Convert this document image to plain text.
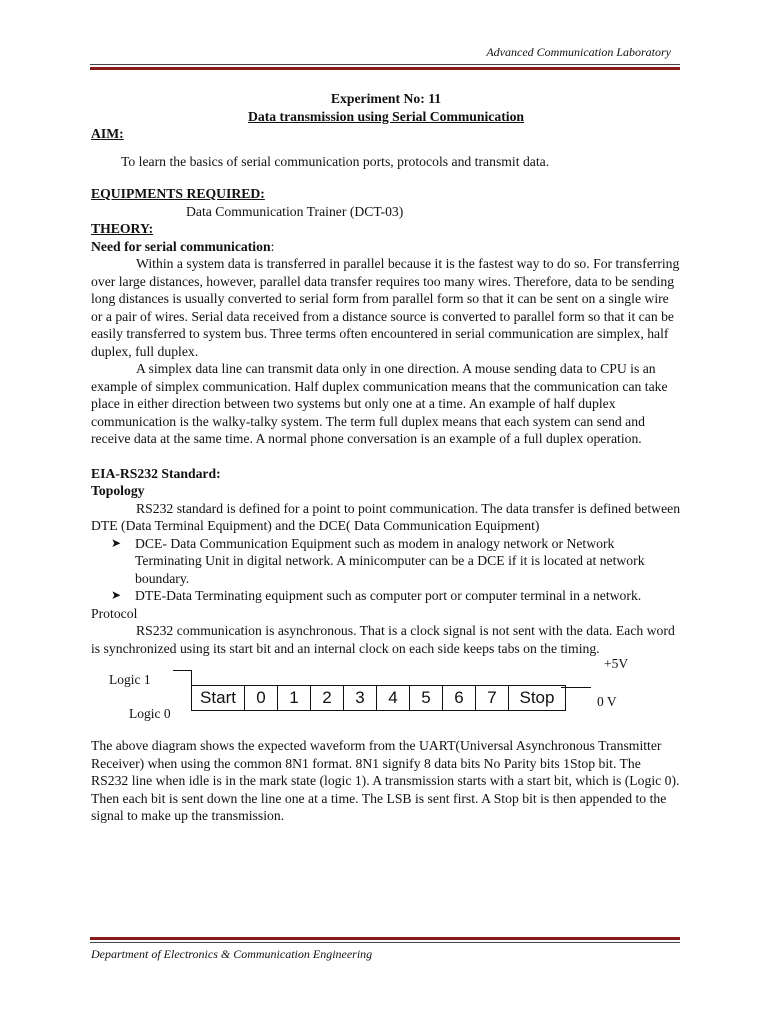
Advanced Communication Laboratory
Experiment No: 11
Data transmission using Serial Communication
AIM:
To learn the basics of serial communication ports, protocols and transmit data.
EQUIPMENTS REQUIRED:
Data Communication Trainer (DCT-03)
THEORY:
Need for serial communication:
Within a system data is transferred in parallel because it is the fastest way to do so. For transferring over large distances, however, parallel data transfer requires too many wires. Therefore, data to be sending long distances is usually converted to serial form from parallel form so that it can be sent on a single wire or a pair of wires. Serial data received from a distance source is converted to parallel form so that it can be easily transferred to system bus. Three terms often encountered in serial communication are simplex, half duplex, full duplex.
A simplex data line can transmit data only in one direction. A mouse sending data to CPU is an example of simplex communication. Half duplex communication means that the communication can take place in either direction between two systems but only one at a time. An example of half duplex communication is the walky-talky system. The term full duplex means that each system can send and receive data at the same time. A normal phone conversation is an example of a full duplex operation.
EIA-RS232 Standard:
Topology
RS232 standard is defined for a point to point communication. The data transfer is defined between DTE (Data Terminal Equipment) and the DCE( Data Communication Equipment)
➤ DCE- Data Communication Equipment such as modem in analogy network or Network Terminating Unit in digital network. A minicomputer can be a DCE if it is located at network boundary.
➤ DTE-Data Terminating equipment such as computer port or computer terminal in a network.
Protocol
RS232 communication is asynchronous. That is a clock signal is not sent with the data. Each word is synchronized using its start bit and an internal clock on each side keeps tabs on the timing.
Logic 1
Logic 0
+5V
0 V
Start	0	1	2	3	4	5	6	7	Stop
The above diagram shows the expected waveform from the UART(Universal Asynchronous Transmitter Receiver) when using the common 8N1 format. 8N1 signify 8 data bits No Parity bits 1Stop bit. The RS232 line when idle is in the mark state (logic 1). A transmission starts with a start bit, which is (Logic 0). Then each bit is sent down the line one at a time. The LSB is sent first. A Stop bit is then appended to the signal to make up the transmission.
Department of Electronics & Communication Engineering
